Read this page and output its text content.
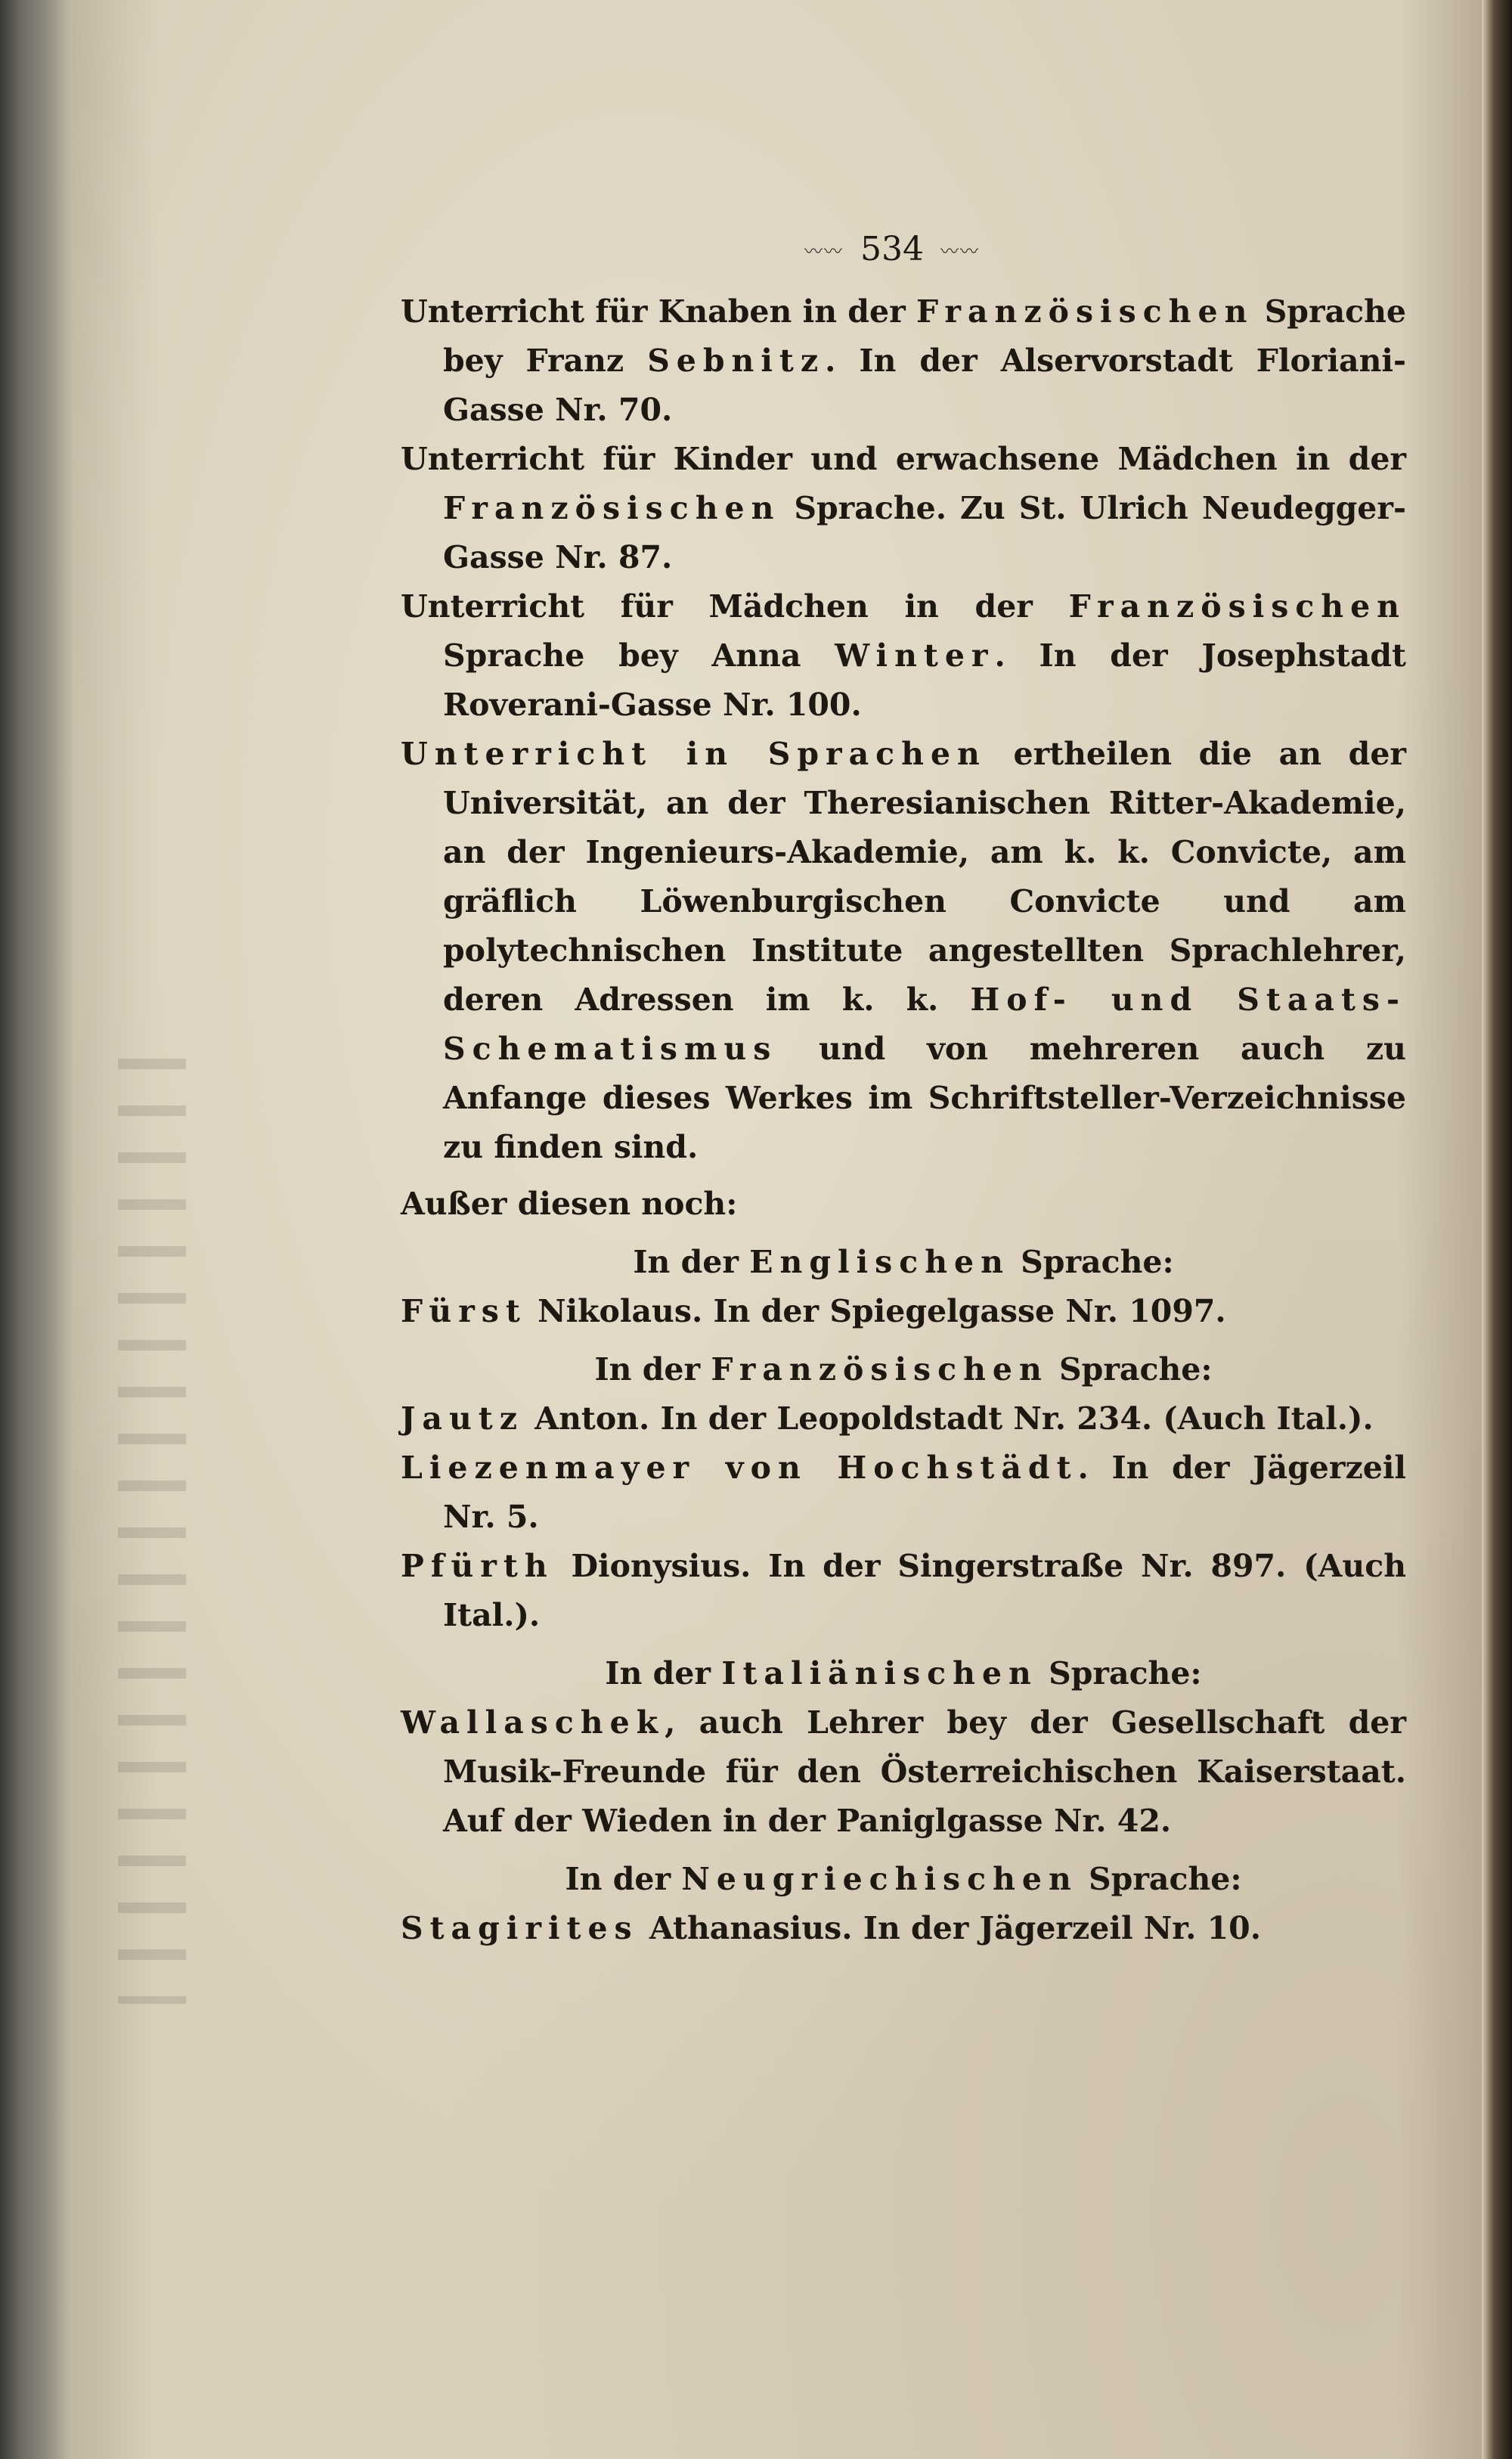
〰〰 534 〰〰

Unterricht für Knaben in der Französischen Sprache bey Franz Sebnitz. In der Alservorstadt Floriani-Gasse Nr. 70.

Unterricht für Kinder und erwachsene Mädchen in der Französischen Sprache. Zu St. Ulrich Neudegger-Gasse Nr. 87.

Unterricht für Mädchen in der Französischen Sprache bey Anna Winter. In der Josephstadt Roverani-Gasse Nr. 100.

Unterricht in Sprachen ertheilen die an der Universität, an der Theresianischen Ritter-Akademie, an der Ingenieurs-Akademie, am k. k. Convicte, am gräflich Löwenburgischen Convicte und am polytechnischen Institute angestellten Sprachlehrer, deren Adressen im k. k. Hof- und Staats-Schematismus und von mehreren auch zu Anfange dieses Werkes im Schriftsteller-Verzeichnisse zu finden sind.

Außer diesen noch:

In der Englischen Sprache:

Fürst Nikolaus. In der Spiegelgasse Nr. 1097.

In der Französischen Sprache:

Jautz Anton. In der Leopoldstadt Nr. 234. (Auch Ital.).

Liezenmayer von Hochstädt. In der Jägerzeil Nr. 5.

Pfürth Dionysius. In der Singerstraße Nr. 897. (Auch Ital.).

In der Italiänischen Sprache:

Wallaschek, auch Lehrer bey der Gesellschaft der Musik-Freunde für den Österreichischen Kaiserstaat. Auf der Wieden in der Paniglgasse Nr. 42.

In der Neugriechischen Sprache:

Stagirites Athanasius. In der Jägerzeil Nr. 10.
